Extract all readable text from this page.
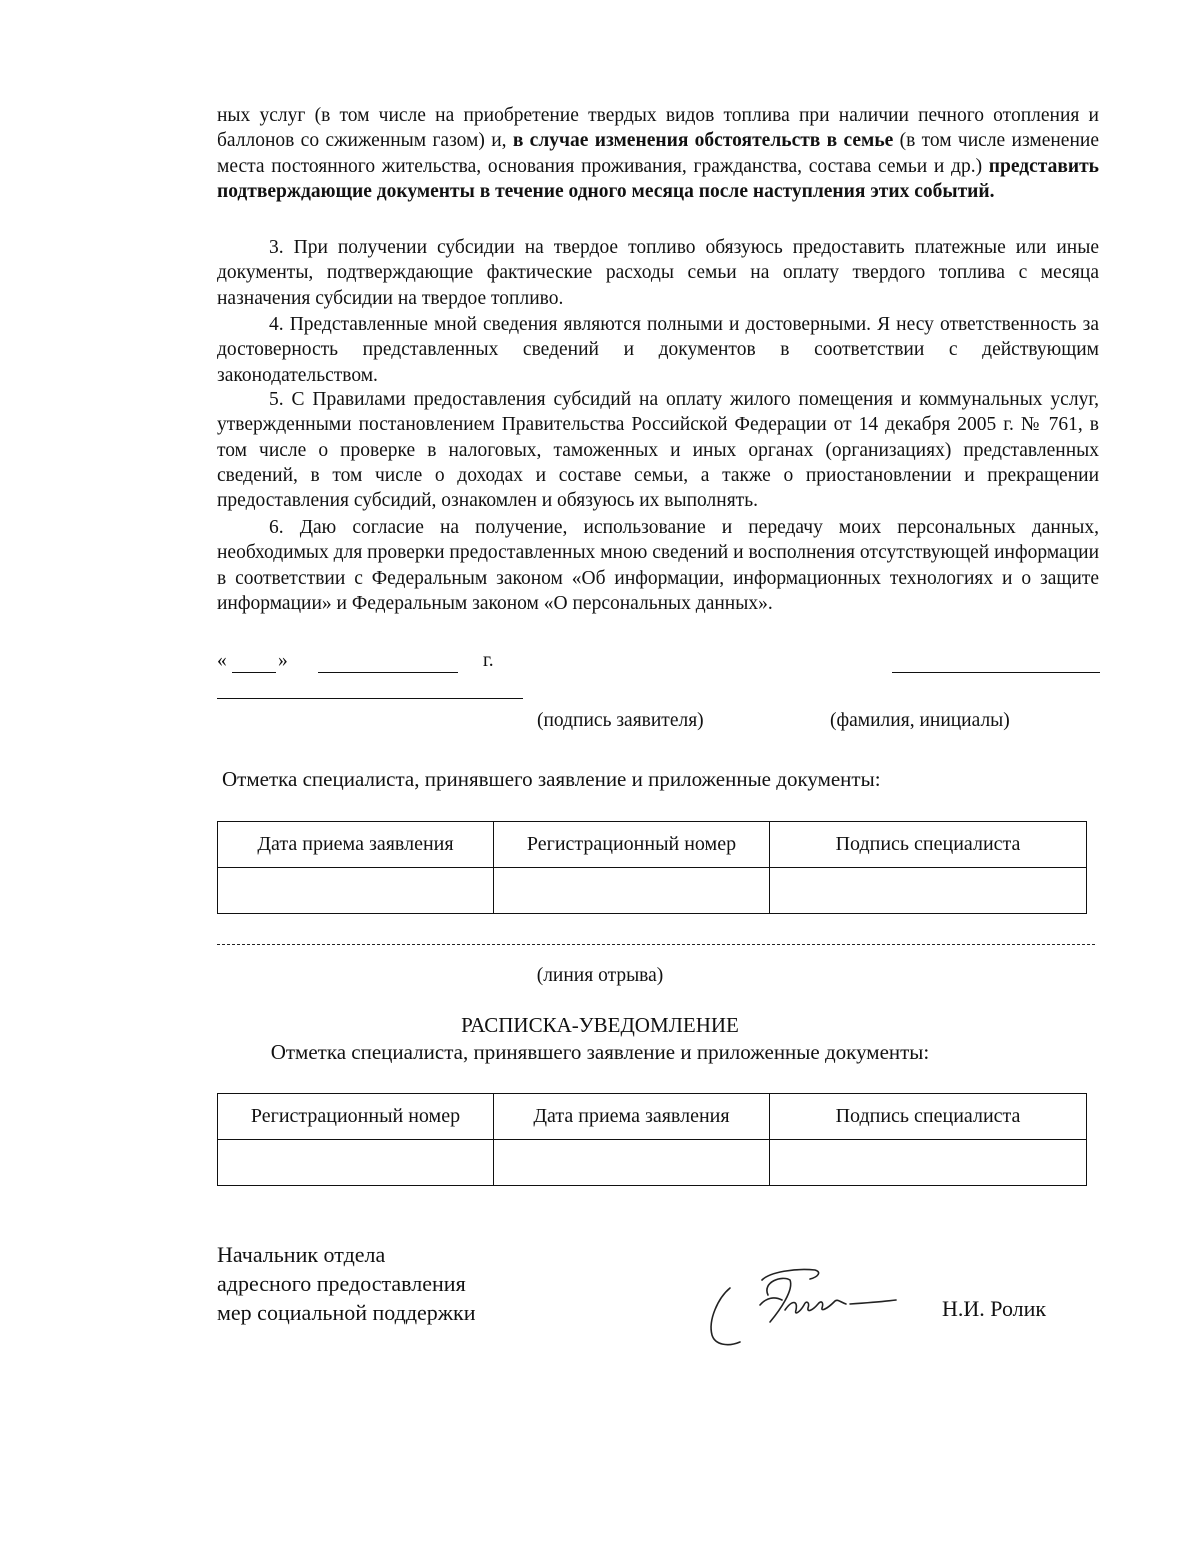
ных услуг (в том числе на приобретение твердых видов топлива при наличии печного отопления и баллонов со сжиженным газом) и, в случае изменения обстоятельств в семье (в том числе изменение места постоянного жительства, основания проживания, гражданства, состава семьи и др.) представить подтверждающие документы в течение одного месяца после наступления этих событий.
3. При получении субсидии на твердое топливо обязуюсь предоставить платежные или иные документы, подтверждающие фактические расходы семьи на оплату твердого топлива с месяца назначения субсидии на твердое топливо.
4. Представленные мной сведения являются полными и достоверными. Я несу ответственность за достоверность представленных сведений и документов в соответствии с действующим законодательством.
5. С Правилами предоставления субсидий на оплату жилого помещения и коммунальных услуг, утвержденными постановлением Правительства Российской Федерации от 14 декабря 2005 г. № 761, в том числе о проверке в налоговых, таможенных и иных органах (организациях) представленных сведений, в том числе о доходах и составе семьи, а также о приостановлении и прекращении предоставления субсидий, ознакомлен и обязуюсь их выполнять.
6. Даю согласие на получение, использование и передачу моих персональных данных, необходимых для проверки предоставленных мною сведений и восполнения отсутствующей информации в соответствии с Федеральным законом «Об информации, информационных технологиях и о защите информации» и Федеральным законом «О персональных данных».
«	»	г.
(подпись заявителя)	(фамилия, инициалы)
Отметка специалиста, принявшего заявление и приложенные документы:
Дата приема заявления	Регистрационный номер	Подпись специалиста

(линия отрыва)
РАСПИСКА-УВЕДОМЛЕНИЕ
Отметка специалиста, принявшего заявление и приложенные документы:
Регистрационный номер	Дата приема заявления	Подпись специалиста

Начальник отдела
адресного предоставления
мер социальной поддержки	Н.И. Ролик
